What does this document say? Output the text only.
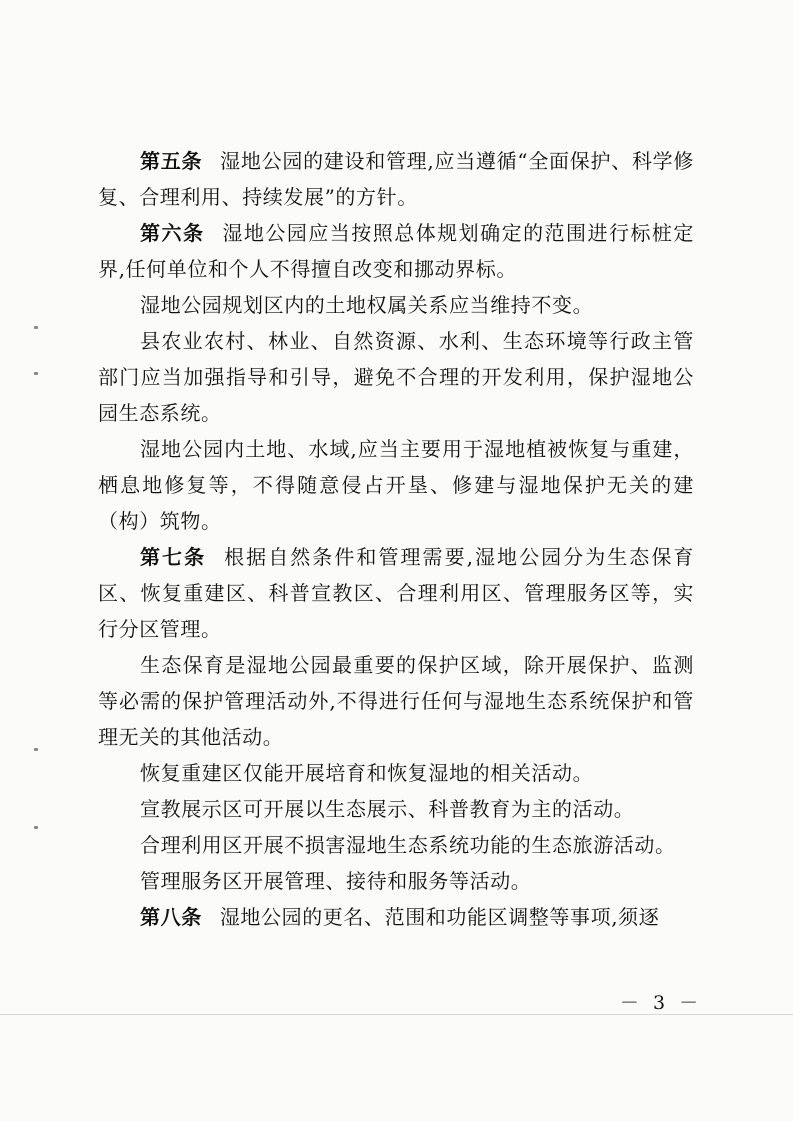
第五条 湿地公园的建设和管理,应当遵循“全面保护、科学修复、合理利用、持续发展”的方针。

第六条 湿地公园应当按照总体规划确定的范围进行标桩定界,任何单位和个人不得擅自改变和挪动界标。

湿地公园规划区内的土地权属关系应当维持不变。

县农业农村、林业、自然资源、水利、生态环境等行政主管部门应当加强指导和引导，避免不合理的开发利用，保护湿地公园生态系统。

湿地公园内土地、水域,应当主要用于湿地植被恢复与重建，栖息地修复等，不得随意侵占开垦、修建与湿地保护无关的建（构）筑物。

第七条 根据自然条件和管理需要,湿地公园分为生态保育区、恢复重建区、科普宣教区、合理利用区、管理服务区等，实行分区管理。

生态保育是湿地公园最重要的保护区域，除开展保护、监测等必需的保护管理活动外,不得进行任何与湿地生态系统保护和管理无关的其他活动。

恢复重建区仅能开展培育和恢复湿地的相关活动。

宣教展示区可开展以生态展示、科普教育为主的活动。

合理利用区开展不损害湿地生态系统功能的生态旅游活动。

管理服务区开展管理、接待和服务等活动。

第八条 湿地公园的更名、范围和功能区调整等事项,须逐

－ 3 －
